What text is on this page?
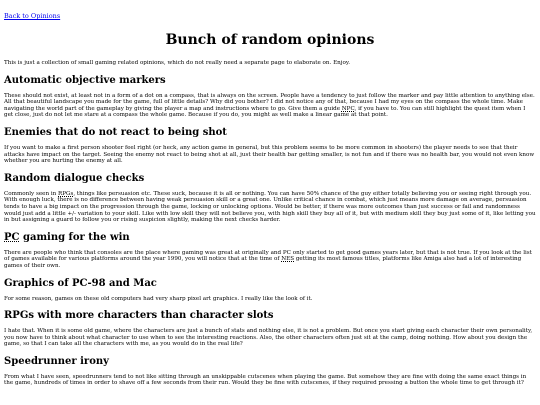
Back to Opinions
Bunch of random opinions

This is just a collection of small gaming related opinions, which do not really need a separate page to elaborate on. Enjoy.

Automatic objective markers

These should not exist, at least not in a form of a dot on a compass, that is always on the screen. People have a tendency to just follow the marker and pay little attention to anything else. All that beautiful landscape you made for the game, full of little details? Why did you bother? I did not notice any of that, because I had my eyes on the compass the whole time. Make navigating the world part of the gameplay by giving the player a map and instructions where to go. Give them a guide NPC, if you have to. You can still highlight the quest item when I get close, just do not let me stare at a compass the whole game. Because if you do, you might as well make a linear game at that point.

Enemies that do not react to being shot

If you want to make a first person shooter feel right (or heck, any action game in general, but this problem seems to be more common in shooters) the player needs to see that their attacks have impact on the target. Seeing the enemy not react to being shot at all, just their health bar getting smaller, is not fun and if there was no health bar, you would not even know whether you are hurting the enemy at all.

Random dialogue checks

Commonly seen in RPGs, things like persuasion etc. These suck, because it is all or nothing. You can have 50% chance of the guy either totally believing you or seeing right through you. With enough luck, there is no difference between having weak persuasion skill or a great one. Unlike critical chance in combat, which just means more damage on average, persuasion tends to have a big impact on the progression through the game, locking or unlocking options. Would be better, if there was more outcomes than just success or fail and randomness would just add a little +/- variation to your skill. Like with low skill they will not believe you, with high skill they buy all of it, but with medium skill they buy just some of it, like letting you in but assigning a guard to follow you or rising suspicion slightly, making the next checks harder.

PC gaming for the win

There are people who think that consoles are the place where gaming was great at originally and PC only started to get good games years later, but that is not true. If you look at the list of games available for various platforms around the year 1990, you will notice that at the time of NES getting its most famous titles, platforms like Amiga also had a lot of interesting games of their own.

Graphics of PC-98 and Mac

For some reason, games on these old computers had very sharp pixel art graphics. I really like the look of it.

RPGs with more characters than character slots

I hate that. When it is some old game, where the characters are just a bunch of stats and nothing else, it is not a problem. But once you start giving each character their own personality, you now have to think about what character to use when to see the interesting reactions. Also, the other characters often just sit at the camp, doing nothing. How about you design the game, so that I can take all the characters with me, as you would do in the real life?

Speedrunner irony

From what I have seen, speedrunners tend to not like sitting through an unskippable cutscenes when playing the game. But somehow they are fine with doing the same exact things in the game, hundreds of times in order to shave off a few seconds from their run. Would they be fine with cutscenes, if they required pressing a button the whole time to get through it?
